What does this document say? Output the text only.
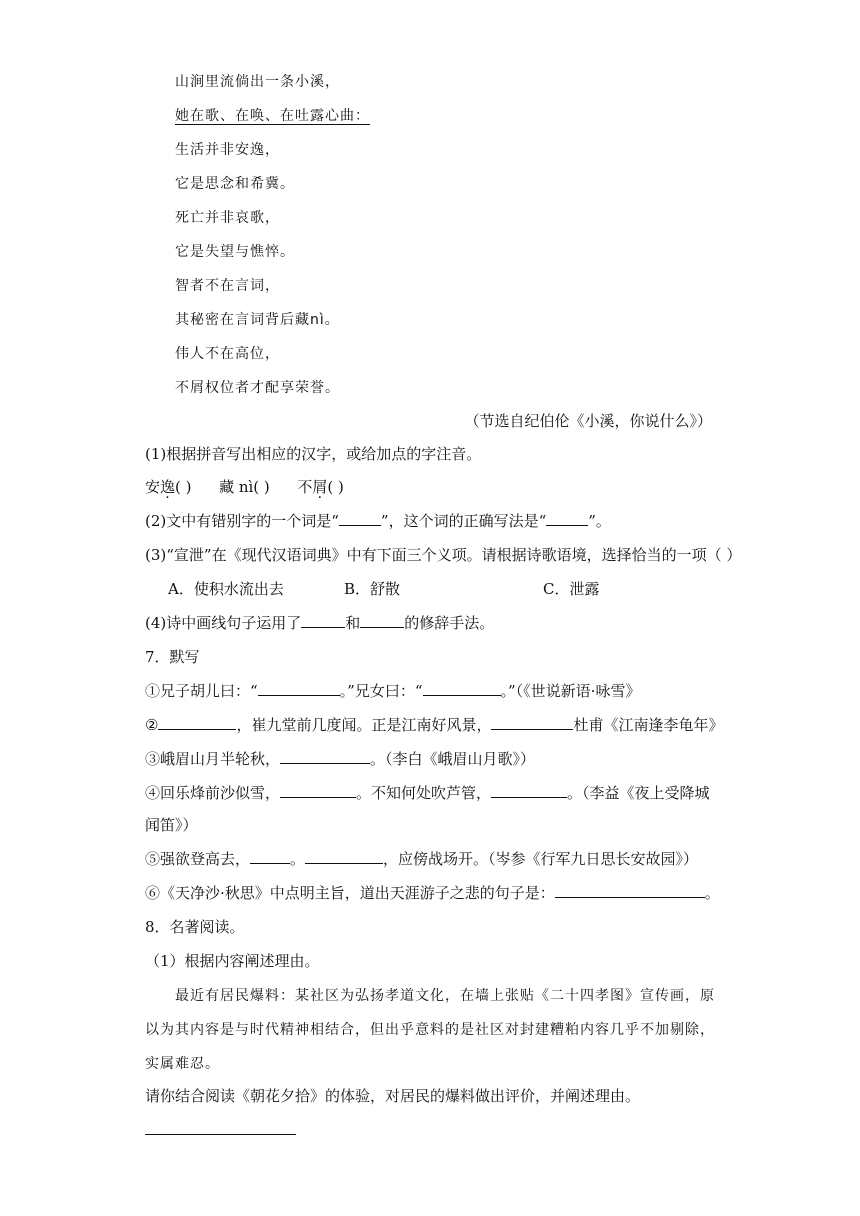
山涧里流倘出一条小溪，
她在歌、在唤、在吐露心曲：
生活并非安逸，
它是思念和希冀。
死亡并非哀歌，
它是失望与憔悴。
智者不在言词，
其秘密在言词背后藏nì。
伟人不在高位，
不屑权位者才配享荣誉。
（节选自纪伯伦《小溪，你说什么》）
(1)根据拼音写出相应的汉字，或给加点的字注音。
安逸( ) 藏 nì( ) 不屑( )
(2)文中有错别字的一个词是“	”，这个词的正确写法是“	”。
(3)“宣泄”在《现代汉语词典》中有下面三个义项。请根据诗歌语境，选择恰当的一项（ ）
A．使积水流出去	B．舒散	C．泄露
(4)诗中画线句子运用了	和	的修辞手法。
7．默写
①兄子胡儿曰：“	。”兄女曰：“	。”（《世说新语·咏雪》
②	，崔九堂前几度闻。正是江南好风景，	杜甫《江南逢李龟年》
③峨眉山月半轮秋，	。（李白《峨眉山月歌》）
④回乐烽前沙似雪，	。不知何处吹芦管，	。（李益《夜上受降城
闻笛》）
⑤强欲登高去，	。	，应傍战场开。（岑参《行军九日思长安故园》）
⑥《天净沙·秋思》中点明主旨，道出天涯游子之悲的句子是：	。
8．名著阅读。
（1）根据内容阐述理由。
最近有居民爆料：某社区为弘扬孝道文化，在墙上张贴《二十四孝图》宣传画，原
以为其内容是与时代精神相结合，但出乎意料的是社区对封建糟粕内容几乎不加剔除，
实属难忍。
请你结合阅读《朝花夕拾》的体验，对居民的爆料做出评价，并阐述理由。
